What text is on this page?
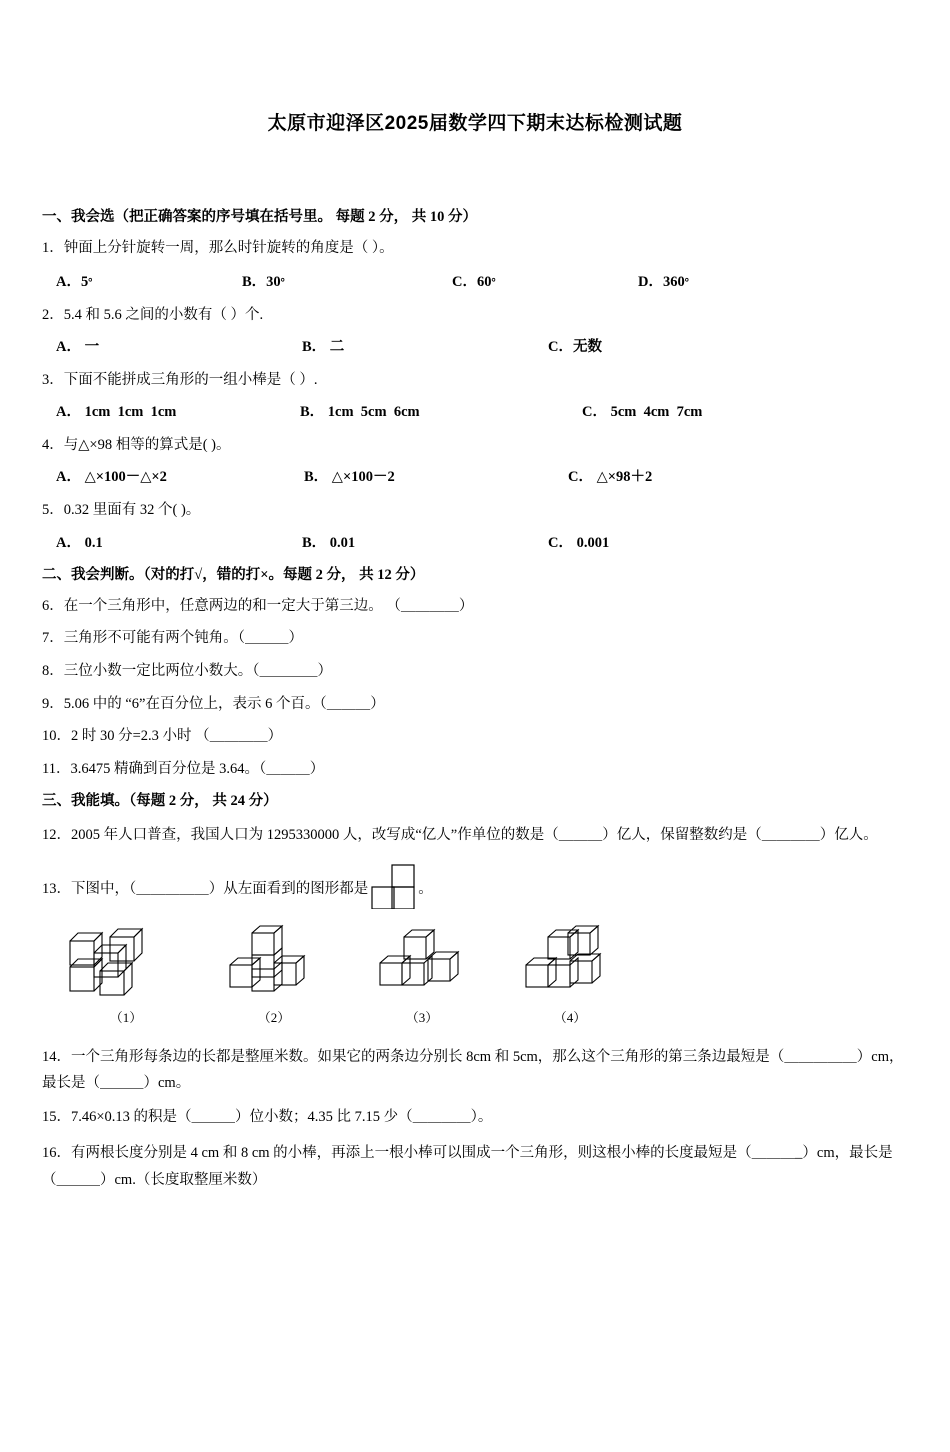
太原市迎泽区2025届数学四下期末达标检测试题
一、我会选（把正确答案的序号填在括号里。 每题 2 分， 共 10 分）
1．钟面上分针旋转一周，那么时针旋转的角度是（ ）。
A．5。	B．30。	C．60。	D．360。
2．5.4 和 5.6 之间的小数有（ ）个.
A． 一	B． 二	C．无数
3．下面不能拼成三角形的一组小棒是（ ）.
A． 1cm  1cm  1cm	B． 1cm  5cm  6cm	C． 5cm  4cm  7cm
4．与△×98 相等的算式是( )。
A． △×100－△×2	B． △×100－2	C． △×98＋2
5．0.32 里面有 32 个( )。
A． 0.1	B． 0.01	C． 0.001
二、我会判断。（对的打√，错的打×。每题 2 分， 共 12 分）
6．在一个三角形中，任意两边的和一定大于第三边。 （＿＿＿＿）
7．三角形不可能有两个钝角。（＿＿＿）
8．三位小数一定比两位小数大。（＿＿＿＿）
9．5.06 中的 “6”在百分位上，表示 6 个百。（＿＿＿）
10．2 时 30 分=2.3 小时 （＿＿＿＿）
11．3.6475 精确到百分位是 3.64。（＿＿＿）
三、我能填。（每题 2 分， 共 24 分）
12．2005 年人口普查，我国人口为 1295330000 人，改写成“亿人”作单位的数是（＿＿＿）亿人，保留整数约是（＿＿＿＿）亿人。
13．下图中，（＿＿＿＿＿）从左面看到的图形都是	。
（1）	（2）	（3）	（4）
14．一个三角形每条边的长都是整厘米数。如果它的两条边分别长 8cm 和 5cm，那么这个三角形的第三条边最短是（＿＿＿＿＿）cm，最长是（＿＿＿）cm。
15．7.46×0.13 的积是（＿＿＿）位小数；4.35 比 7.15 少（＿＿＿＿）。
16．有两根长度分别是 4 cm 和 8 cm 的小棒，再添上一根小棒可以围成一个三角形，则这根小棒的长度最短是（＿＿＿_）cm，最长是（＿＿＿）cm.（长度取整厘米数）
